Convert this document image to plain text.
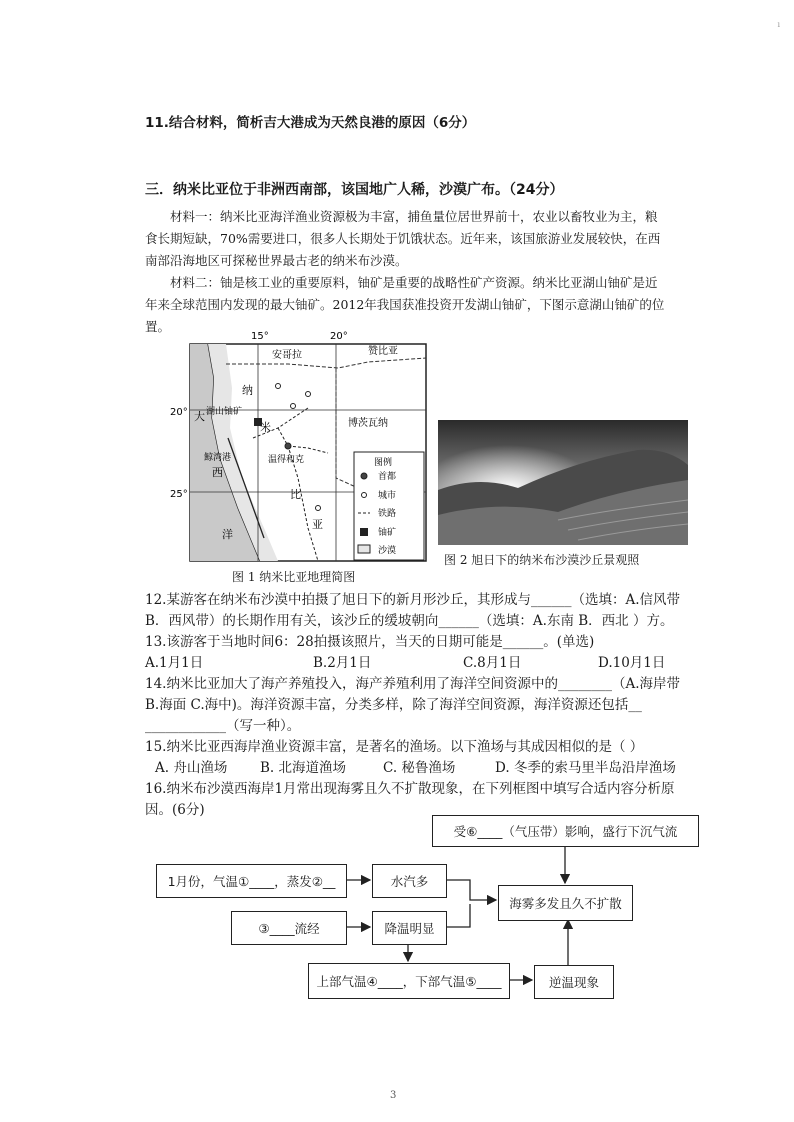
ı
11.结合材料，简析吉大港成为天然良港的原因（6分）
三．纳米比亚位于非洲西南部，该国地广人稀，沙漠广布。（24分）
材料一：纳米比亚海洋渔业资源极为丰富，捕鱼量位居世界前十，农业以畜牧业为主，粮食长期短缺，70%需要进口，很多人长期处于饥饿状态。近年来，该国旅游业发展较快，在西南部沿海地区可探秘世界最古老的纳米布沙漠。
材料二：铀是核工业的重要原料，铀矿是重要的战略性矿产资源。纳米比亚湖山铀矿是近年来全球范围内发现的最大铀矿。2012年我国获准投资开发湖山铀矿，下图示意湖山铀矿的位置。
15°	20°
20°
25°
安哥拉	赞比亚
博茨瓦纳
纳
米
比
亚
大
西
洋
湖山铀矿
鲸湾港	温得和克	图例
首都
城市
铁路
铀矿
沙漠
图 1 纳米比亚地理简图
图 2 旭日下的纳米布沙漠沙丘景观照
12.某游客在纳米布沙漠中拍摄了旭日下的新月形沙丘，其形成与______（选填：A.信风带
B．西风带）的长期作用有关，该沙丘的缓坡朝向______（选填：A.东南 B．西北 ）方。
13.该游客于当地时间6：28拍摄该照片，当天的日期可能是______。(单选)
A.1月1日	B.2月1日	C.8月1日	D.10月1日
14.纳米比亚加大了海产养殖投入，海产养殖利用了海洋空间资源中的________（A.海岸带
B.海面 C.海中)。海洋资源丰富，分类多样，除了海洋空间资源，海洋资源还包括__
____________（写一种）。
15.纳米比亚西海岸渔业资源丰富，是著名的渔场。以下渔场与其成因相似的是（ ）
A. 舟山渔场 B. 北海道渔场	C. 秘鲁渔场	D. 冬季的索马里半岛沿岸渔场
16.纳米布沙漠西海岸1月常出现海雾且久不扩散现象，在下列框图中填写合适内容分析原
因。(6分)
受⑥____（气压带）影响，盛行下沉气流
1月份，气温①____，蒸发②__	水汽多
海雾多发且久不扩散
③____流经	降温明显
上部气温④____，下部气温⑤____	逆温现象
3
